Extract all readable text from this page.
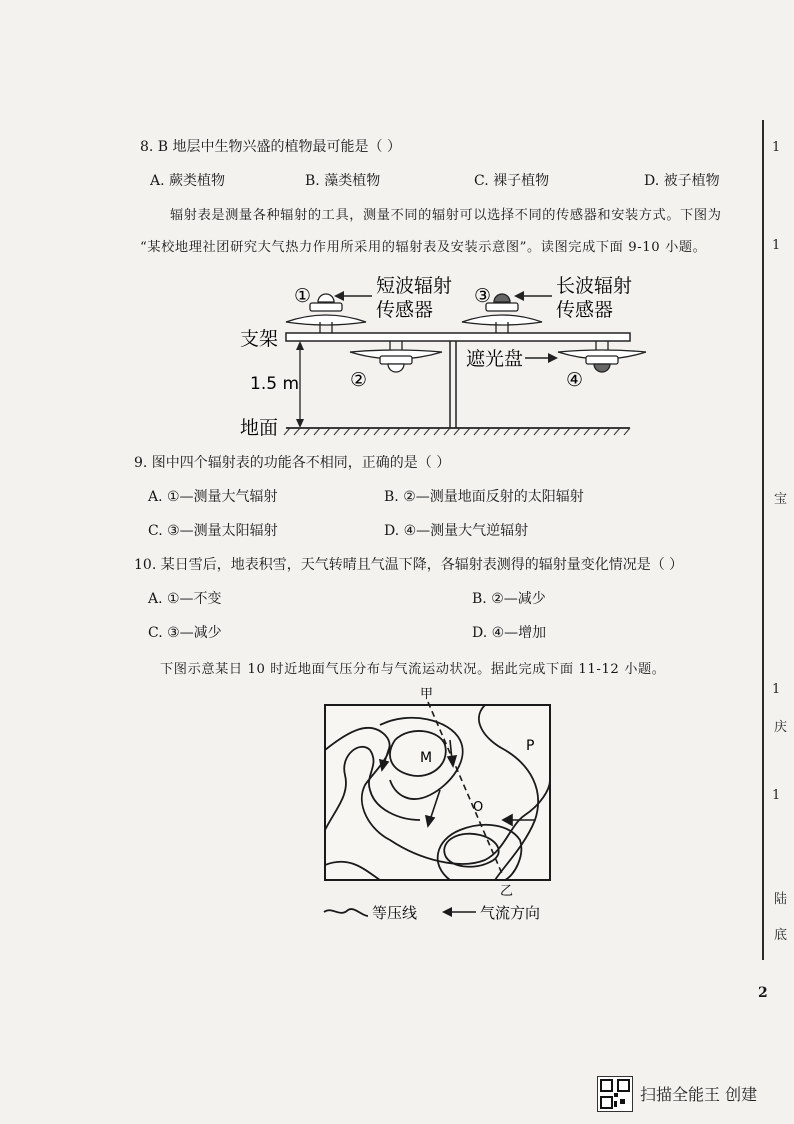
1
1
宝
1
庆
1
陆
底
8. B 地层中生物兴盛的植物最可能是（ ）
A. 蕨类植物	B. 藻类植物	C. 裸子植物	D. 被子植物
辐射表是测量各种辐射的工具，测量不同的辐射可以选择不同的传感器和安装方式。下图为
“某校地理社团研究大气热力作用所采用的辐射表及安装示意图”。读图完成下面 9-10 小题。
①	③
②	④
短波辐射
传感器
长波辐射
传感器
支架
遮光盘
1.5 m
地面
9. 图中四个辐射表的功能各不相同，正确的是（ ）
A. ①—测量大气辐射	B. ②—测量地面反射的太阳辐射
C. ③—测量太阳辐射	D. ④—测量大气逆辐射
10. 某日雪后，地表积雪，天气转晴且气温下降，各辐射表测得的辐射量变化情况是（ ）
A. ①—不变	B. ②—减少
C. ③—减少	D. ④—增加
下图示意某日 10 时近地面气压分布与气流运动状况。据此完成下面 11-12 小题。
甲
乙
M
O
P
等压线	气流方向
2
扫描全能王 创建
